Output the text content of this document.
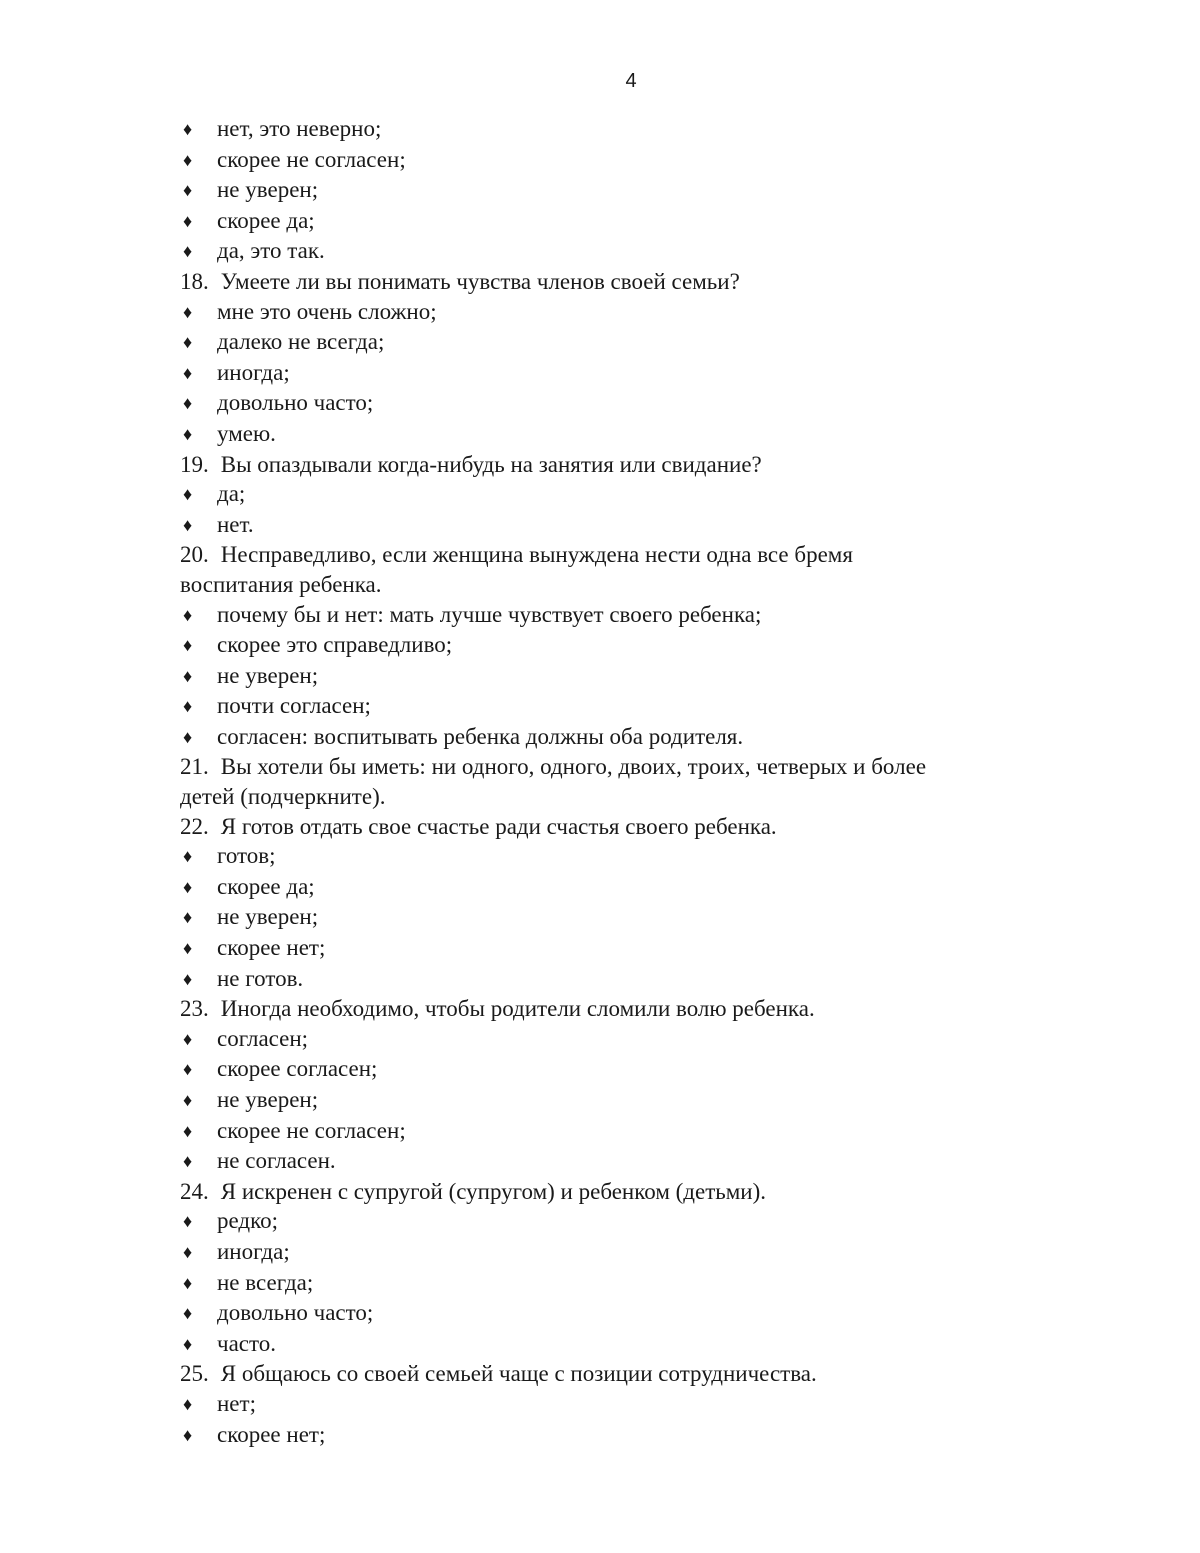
4
♦ нет, это неверно;
♦ скорее не согласен;
♦ не уверен;
♦ скорее да;
♦ да, это так.
18. Умеете ли вы понимать чувства членов своей семьи?
♦ мне это очень сложно;
♦ далеко не всегда;
♦ иногда;
♦ довольно часто;
♦ умею.
19. Вы опаздывали когда-нибудь на занятия или свидание?
♦ да;
♦ нет.
20. Несправедливо, если женщина вынуждена нести одна все бремя
воспитания ребенка.
♦ почему бы и нет: мать лучше чувствует своего ребенка;
♦ скорее это справедливо;
♦ не уверен;
♦ почти согласен;
♦ согласен: воспитывать ребенка должны оба родителя.
21. Вы хотели бы иметь: ни одного, одного, двоих, троих, четверых и более
детей (подчеркните).
22. Я готов отдать свое счастье ради счастья своего ребенка.
♦ готов;
♦ скорее да;
♦ не уверен;
♦ скорее нет;
♦ не готов.
23. Иногда необходимо, чтобы родители сломили волю ребенка.
♦ согласен;
♦ скорее согласен;
♦ не уверен;
♦ скорее не согласен;
♦ не согласен.
24. Я искренен с супругой (супругом) и ребенком (детьми).
♦ редко;
♦ иногда;
♦ не всегда;
♦ довольно часто;
♦ часто.
25. Я общаюсь со своей семьей чаще с позиции сотрудничества.
♦ нет;
♦ скорее нет;
